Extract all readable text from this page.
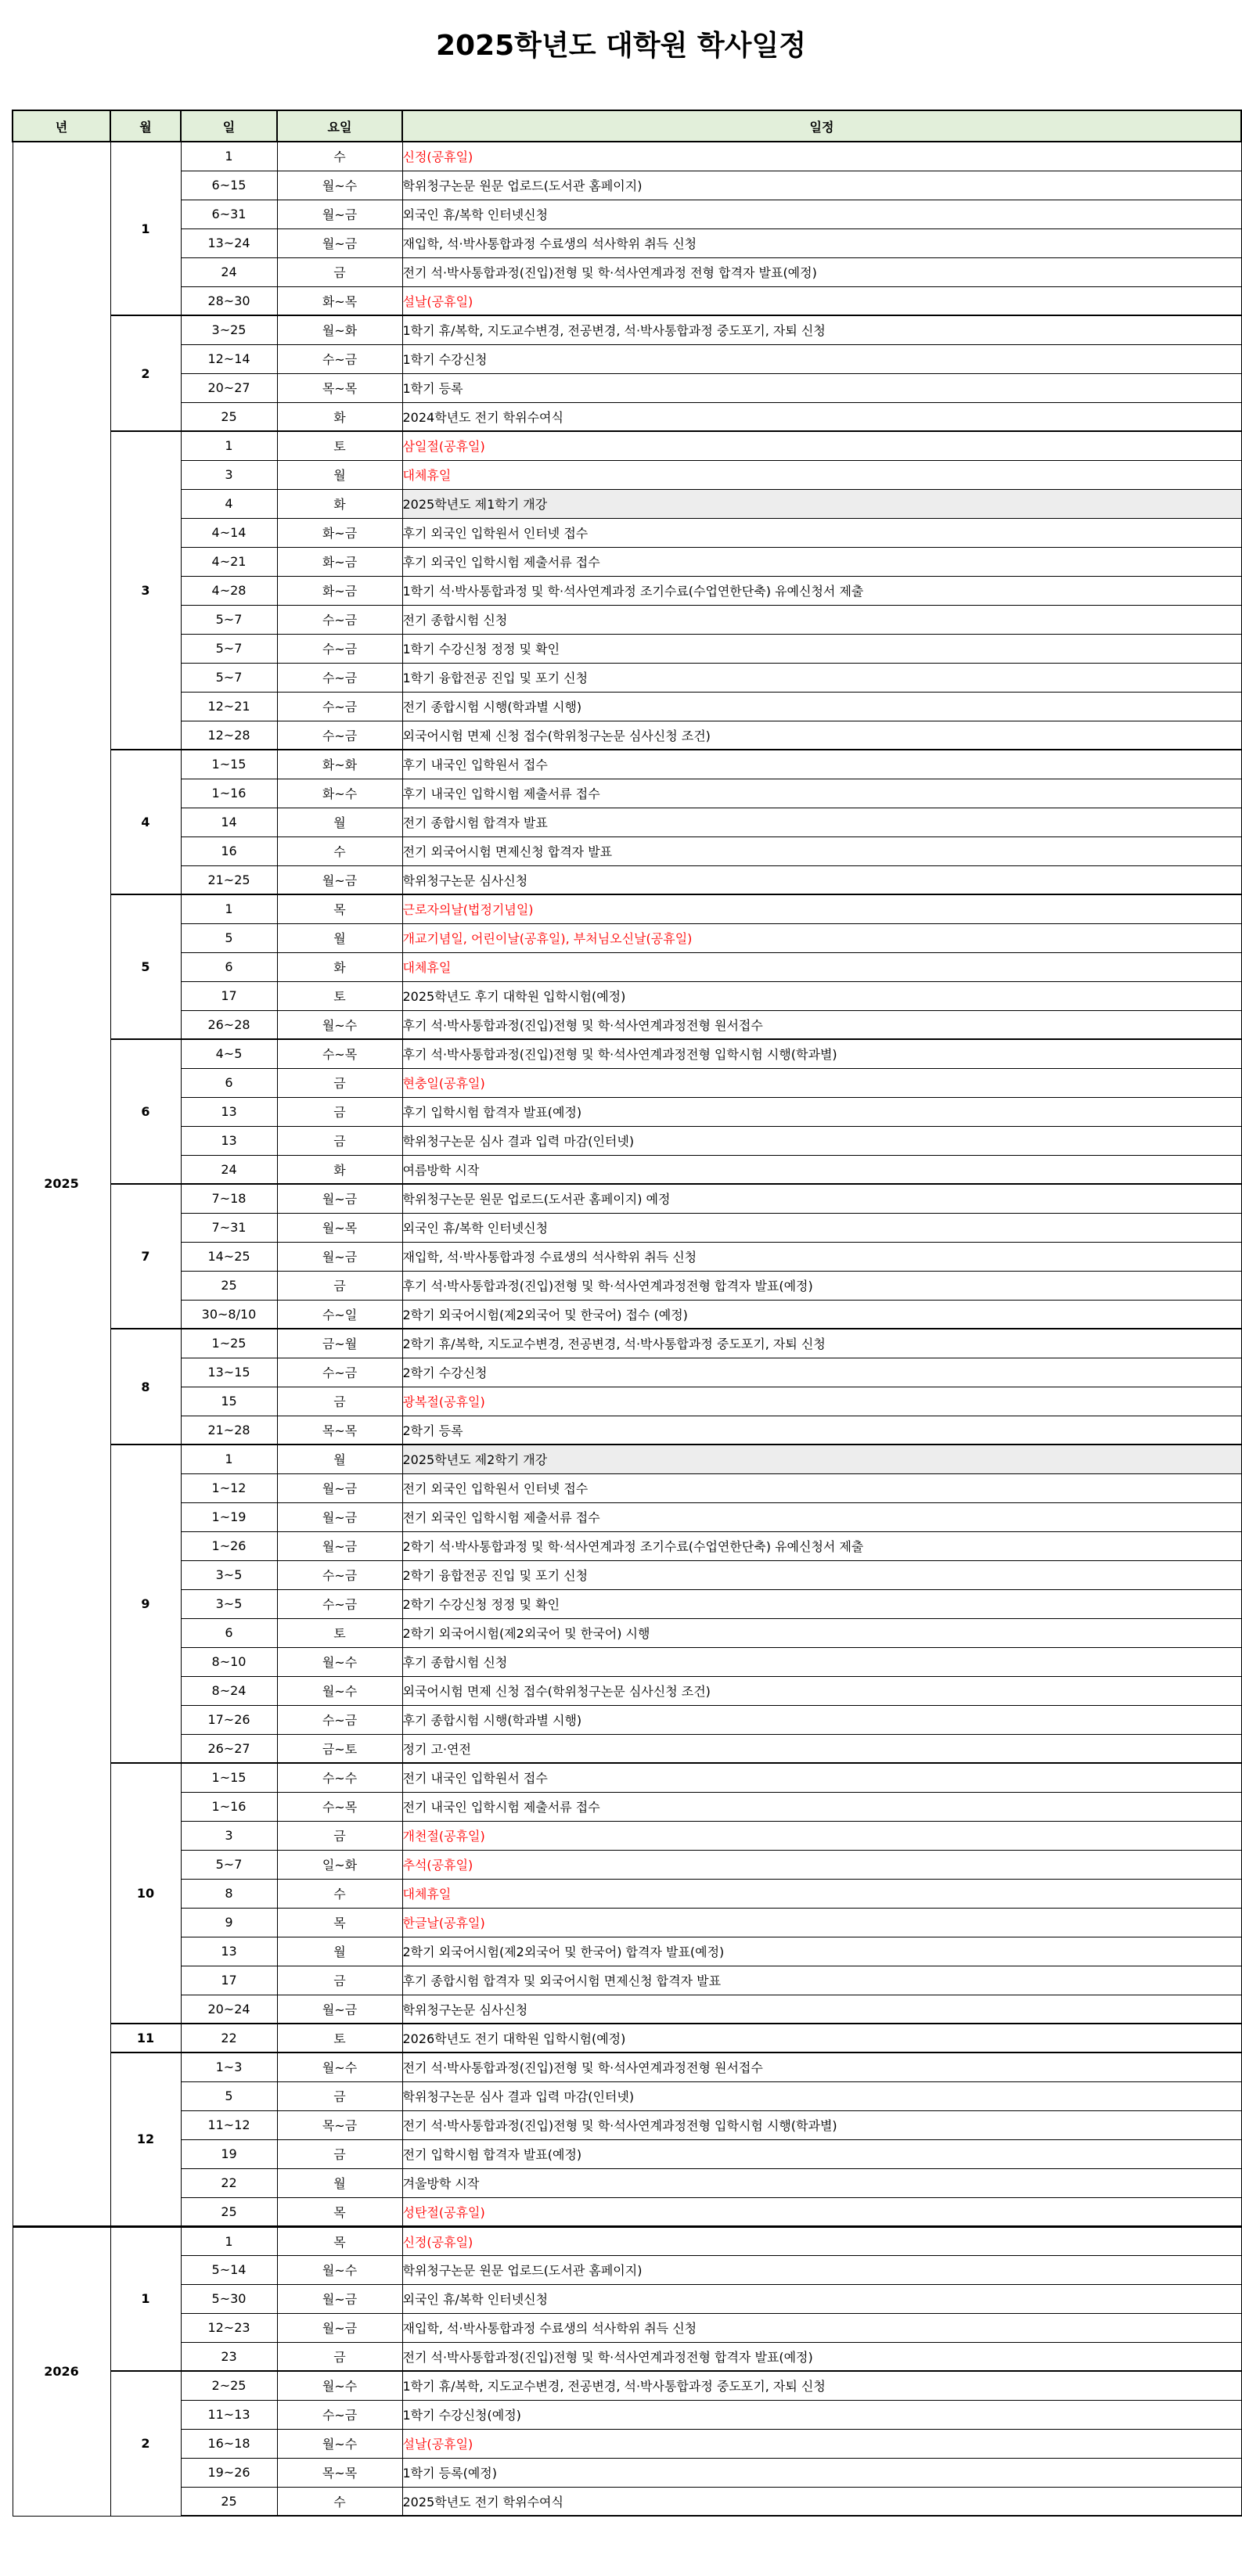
2025학년도 대학원 학사일정
년	월	일	요일	일정
2025	1	1	수	신정(공휴일)
		6~15	월~수	학위청구논문 원문 업로드(도서관 홈페이지)
		6~31	월~금	외국인 휴/복학 인터넷신청
		13~24	월~금	재입학, 석·박사통합과정 수료생의 석사학위 취득 신청
		24	금	전기 석·박사통합과정(진입)전형 및 학·석사연계과정 전형 합격자 발표(예정)
		28~30	화~목	설날(공휴일)
	2	3~25	월~화	1학기 휴/복학, 지도교수변경, 전공변경, 석·박사통합과정 중도포기, 자퇴 신청
		12~14	수~금	1학기 수강신청
		20~27	목~목	1학기 등록
		25	화	2024학년도 전기 학위수여식
	3	1	토	삼일절(공휴일)
		3	월	대체휴일
		4	화	2025학년도 제1학기 개강
		4~14	화~금	후기 외국인 입학원서 인터넷 접수
		4~21	화~금	후기 외국인 입학시험 제출서류 접수
		4~28	화~금	1학기 석·박사통합과정 및 학·석사연계과정 조기수료(수업연한단축) 유예신청서 제출
		5~7	수~금	전기 종합시험 신청
		5~7	수~금	1학기 수강신청 정정 및 확인
		5~7	수~금	1학기 융합전공 진입 및 포기 신청
		12~21	수~금	전기 종합시험 시행(학과별 시행)
		12~28	수~금	외국어시험 면제 신청 접수(학위청구논문 심사신청 조건)
	4	1~15	화~화	후기 내국인 입학원서 접수
		1~16	화~수	후기 내국인 입학시험 제출서류 접수
		14	월	전기 종합시험 합격자 발표
		16	수	전기 외국어시험 면제신청 합격자 발표
		21~25	월~금	학위청구논문 심사신청
	5	1	목	근로자의날(법정기념일)
		5	월	개교기념일, 어린이날(공휴일), 부처님오신날(공휴일)
		6	화	대체휴일
		17	토	2025학년도 후기 대학원 입학시험(예정)
		26~28	월~수	후기 석·박사통합과정(진입)전형 및 학·석사연계과정전형 원서접수
	6	4~5	수~목	후기 석·박사통합과정(진입)전형 및 학·석사연계과정전형 입학시험 시행(학과별)
		6	금	현충일(공휴일)
		13	금	후기 입학시험 합격자 발표(예정)
		13	금	학위청구논문 심사 결과 입력 마감(인터넷)
		24	화	여름방학 시작
	7	7~18	월~금	학위청구논문 원문 업로드(도서관 홈페이지) 예정
		7~31	월~목	외국인 휴/복학 인터넷신청
		14~25	월~금	재입학, 석·박사통합과정 수료생의 석사학위 취득 신청
		25	금	후기 석·박사통합과정(진입)전형 및 학·석사연계과정전형 합격자 발표(예정)
		30~8/10	수~일	2학기 외국어시험(제2외국어 및 한국어) 접수 (예정)
	8	1~25	금~월	2학기 휴/복학, 지도교수변경, 전공변경, 석·박사통합과정 중도포기, 자퇴 신청
		13~15	수~금	2학기 수강신청
		15	금	광복절(공휴일)
		21~28	목~목	2학기 등록
	9	1	월	2025학년도 제2학기 개강
		1~12	월~금	전기 외국인 입학원서 인터넷 접수
		1~19	월~금	전기 외국인 입학시험 제출서류 접수
		1~26	월~금	2학기 석·박사통합과정 및 학·석사연계과정 조기수료(수업연한단축) 유예신청서 제출
		3~5	수~금	2학기 융합전공 진입 및 포기 신청
		3~5	수~금	2학기 수강신청 정정 및 확인
		6	토	2학기 외국어시험(제2외국어 및 한국어) 시행
		8~10	월~수	후기 종합시험 신청
		8~24	월~수	외국어시험 면제 신청 접수(학위청구논문 심사신청 조건)
		17~26	수~금	후기 종합시험 시행(학과별 시행)
		26~27	금~토	정기 고·연전
	10	1~15	수~수	전기 내국인 입학원서 접수
		1~16	수~목	전기 내국인 입학시험 제출서류 접수
		3	금	개천절(공휴일)
		5~7	일~화	추석(공휴일)
		8	수	대체휴일
		9	목	한글날(공휴일)
		13	월	2학기 외국어시험(제2외국어 및 한국어) 합격자 발표(예정)
		17	금	후기 종합시험 합격자 및 외국어시험 면제신청 합격자 발표
		20~24	월~금	학위청구논문 심사신청
	11	22	토	2026학년도 전기 대학원 입학시험(예정)
	12	1~3	월~수	전기 석·박사통합과정(진입)전형 및 학·석사연계과정전형 원서접수
		5	금	학위청구논문 심사 결과 입력 마감(인터넷)
		11~12	목~금	전기 석·박사통합과정(진입)전형 및 학·석사연계과정전형 입학시험 시행(학과별)
		19	금	전기 입학시험 합격자 발표(예정)
		22	월	겨울방학 시작
		25	목	성탄절(공휴일)
2026	1	1	목	신정(공휴일)
		5~14	월~수	학위청구논문 원문 업로드(도서관 홈페이지)
		5~30	월~금	외국인 휴/복학 인터넷신청
		12~23	월~금	재입학, 석·박사통합과정 수료생의 석사학위 취득 신청
		23	금	전기 석·박사통합과정(진입)전형 및 학·석사연계과정전형 합격자 발표(예정)
	2	2~25	월~수	1학기 휴/복학, 지도교수변경, 전공변경, 석·박사통합과정 중도포기, 자퇴 신청
		11~13	수~금	1학기 수강신청(예정)
		16~18	월~수	설날(공휴일)
		19~26	목~목	1학기 등록(예정)
		25	수	2025학년도 전기 학위수여식
